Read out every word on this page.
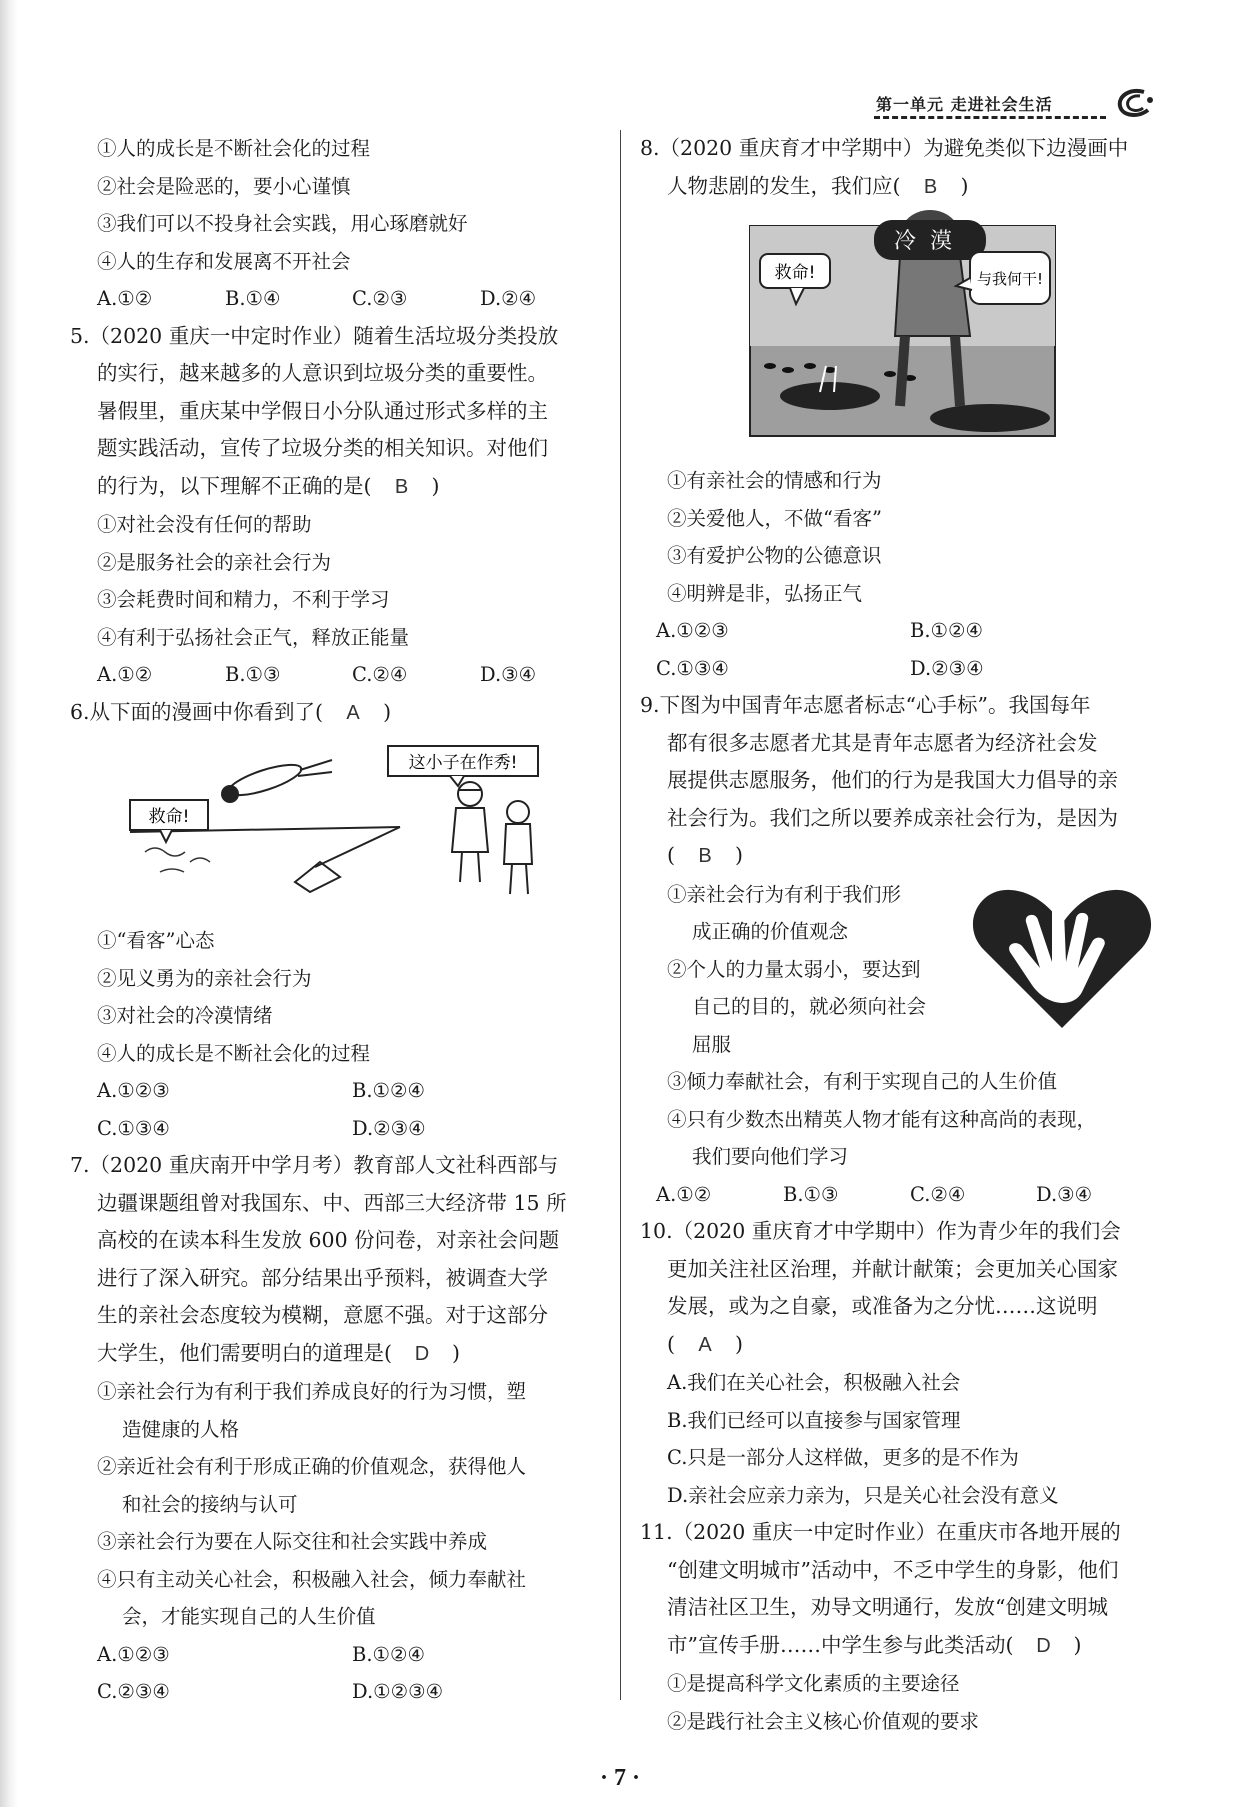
第一单元 走进社会生活
①人的成长是不断社会化的过程
②社会是险恶的，要小心谨慎
③我们可以不投身社会实践，用心琢磨就好
④人的生存和发展离不开社会
A.①②	B.①④	C.②③	D.②④
5.（2020 重庆一中定时作业）随着生活垃圾分类投放
的实行，越来越多的人意识到垃圾分类的重要性。
暑假里，重庆某中学假日小分队通过形式多样的主
题实践活动，宣传了垃圾分类的相关知识。对他们
的行为，以下理解不正确的是( B )
①对社会没有任何的帮助
②是服务社会的亲社会行为
③会耗费时间和精力，不利于学习
④有利于弘扬社会正气，释放正能量
A.①②	B.①③	C.②④	D.③④
6.从下面的漫画中你看到了( A )
救命!
这小子在作秀!
①“看客”心态
②见义勇为的亲社会行为
③对社会的冷漠情绪
④人的成长是不断社会化的过程
A.①②③	B.①②④
C.①③④	D.②③④
7.（2020 重庆南开中学月考）教育部人文社科西部与
边疆课题组曾对我国东、中、西部三大经济带 15 所
高校的在读本科生发放 600 份问卷，对亲社会问题
进行了深入研究。部分结果出乎预料，被调查大学
生的亲社会态度较为模糊，意愿不强。对于这部分
大学生，他们需要明白的道理是( D )
①亲社会行为有利于我们养成良好的行为习惯，塑
造健康的人格
②亲近社会有利于形成正确的价值观念，获得他人
和社会的接纳与认可
③亲社会行为要在人际交往和社会实践中养成
④只有主动关心社会，积极融入社会，倾力奉献社
会，才能实现自己的人生价值
A.①②③	B.①②④
C.②③④	D.①②③④
8.（2020 重庆育才中学期中）为避免类似下边漫画中
人物悲剧的发生，我们应( B )
冷漠
救命!	与我何干!
①有亲社会的情感和行为
②关爱他人，不做“看客”
③有爱护公物的公德意识
④明辨是非，弘扬正气
A.①②③	B.①②④
C.①③④	D.②③④
9.下图为中国青年志愿者标志“心手标”。我国每年
都有很多志愿者尤其是青年志愿者为经济社会发
展提供志愿服务，他们的行为是我国大力倡导的亲
社会行为。我们之所以要养成亲社会行为，是因为
( B )
①亲社会行为有利于我们形
成正确的价值观念
②个人的力量太弱小，要达到
自己的目的，就必须向社会
屈服
③倾力奉献社会，有利于实现自己的人生价值
④只有少数杰出精英人物才能有这种高尚的表现，
我们要向他们学习
A.①②	B.①③	C.②④	D.③④
10.（2020 重庆育才中学期中）作为青少年的我们会
更加关注社区治理，并献计献策；会更加关心国家
发展，或为之自豪，或准备为之分忧……这说明
( A )
A.我们在关心社会，积极融入社会
B.我们已经可以直接参与国家管理
C.只是一部分人这样做，更多的是不作为
D.亲社会应亲力亲为，只是关心社会没有意义
11.（2020 重庆一中定时作业）在重庆市各地开展的
“创建文明城市”活动中，不乏中学生的身影，他们
清洁社区卫生，劝导文明通行，发放“创建文明城
市”宣传手册……中学生参与此类活动( D )
①是提高科学文化素质的主要途径
②是践行社会主义核心价值观的要求
· 7 ·
